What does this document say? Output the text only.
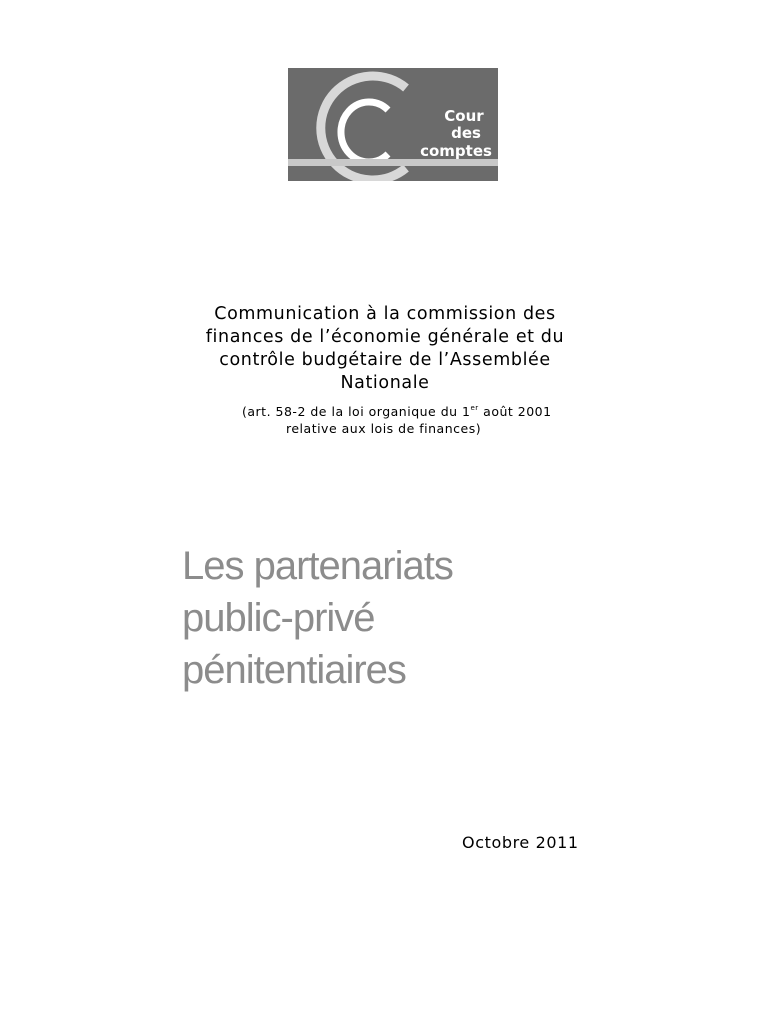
Cour
des
comptes

Communication à la commission des

finances de l’économie générale et du

contrôle budgétaire de l’Assemblée

Nationale

(art. 58-2 de la loi organique du 1er août 2001
relative aux lois de finances)
Les partenariats
public-privé
pénitentiaires
Octobre 2011
